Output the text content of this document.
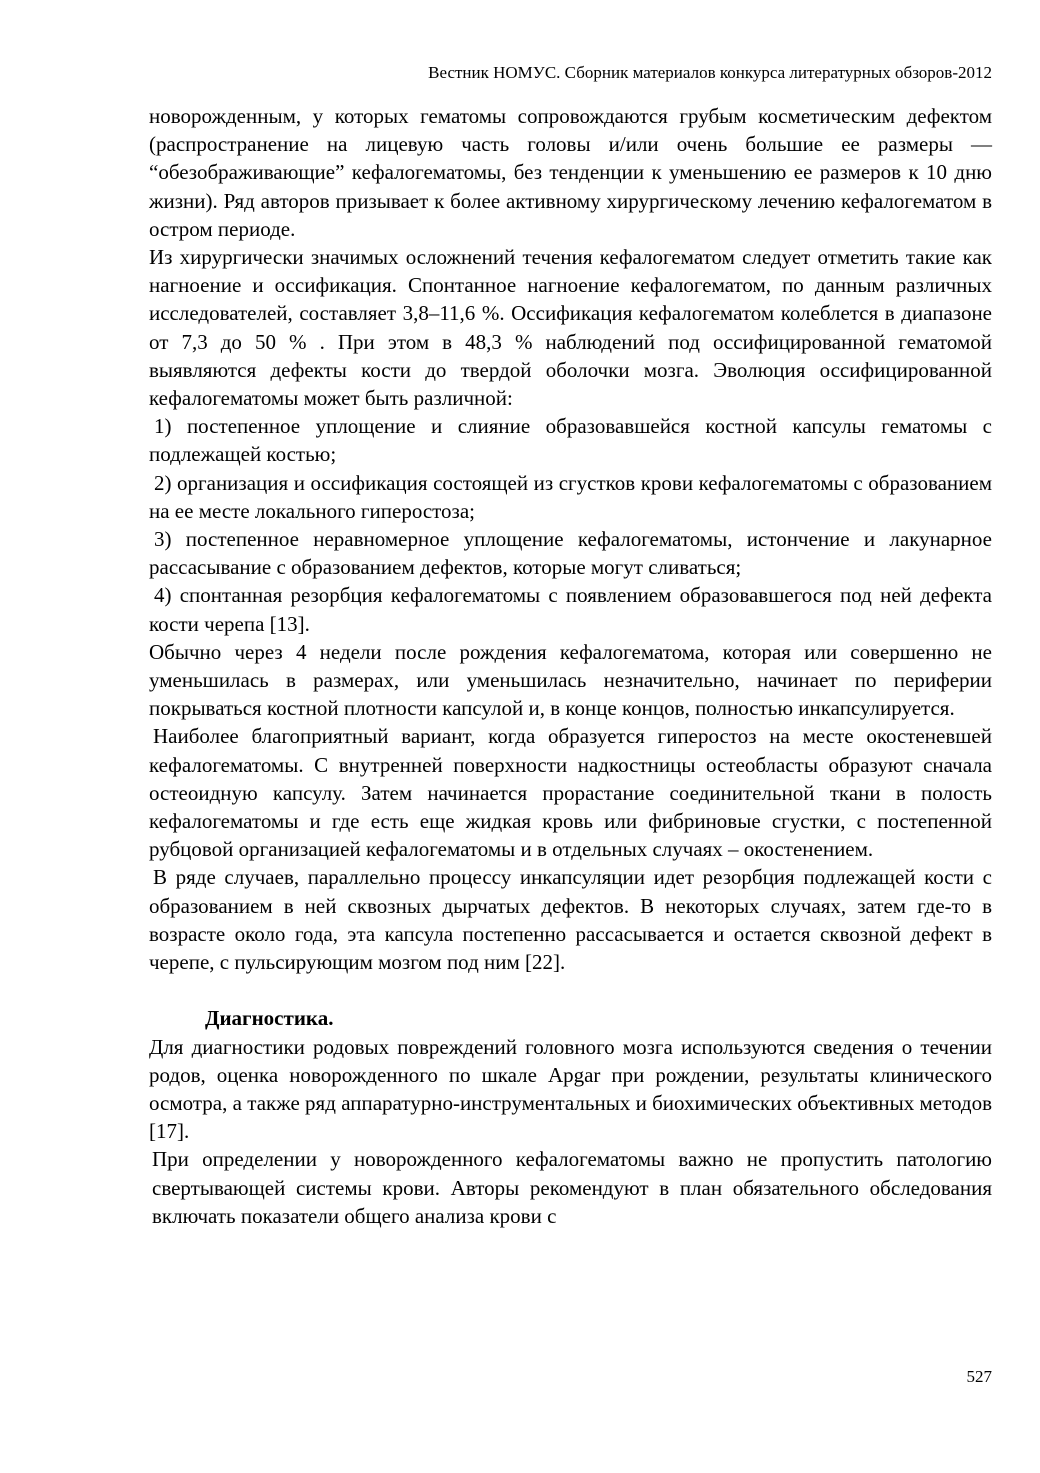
Вестник НОМУС. Сборник материалов конкурса литературных обзоров-2012

новорожденным, у которых гематомы сопровождаются грубым косметическим дефектом (распространение на лицевую часть головы и/или очень большие ее размеры — “обезображивающие” кефалогематомы, без тенденции к уменьшению ее размеров к 10 дню жизни). Ряд авторов призывает к более активному хирургическому лечению кефалогематом в остром периоде.

Из хирургически значимых осложнений течения кефалогематом следует отметить такие как нагноение и оссификация. Спонтанное нагноение кефалогематом, по данным различных исследователей, составляет 3,8–11,6 %. Оссификация кефалогематом колеблется в диапазоне от 7,3 до 50 % . При этом в 48,3 % наблюдений под оссифицированной гематомой выявляются дефекты кости до твердой оболочки мозга. Эволюция оссифицированной кефалогематомы может быть различной:

1) постепенное уплощение и слияние образовавшейся костной капсулы гематомы с подлежащей костью;

2) организация и оссификация состоящей из сгустков крови кефалогематомы с образованием на ее месте локального гиперостоза;

3) постепенное неравномерное уплощение кефалогематомы, истончение и лакунарное рассасывание с образованием дефектов, которые могут сливаться;

4) спонтанная резорбция кефалогематомы с появлением образовавшегося под ней дефекта кости черепа [13].

Обычно через 4 недели после рождения кефалогематома, которая или совершенно не уменьшилась в размерах, или уменьшилась незначительно, начинает по периферии покрываться костной плотности капсулой и, в конце концов, полностью инкапсулируется.

Наиболее благоприятный вариант, когда образуется гиперостоз на месте окостеневшей кефалогематомы. С внутренней поверхности надкостницы остеобласты образуют сначала остеоидную капсулу. Затем начинается прорастание соединительной ткани в полость кефалогематомы и где есть еще жидкая кровь или фибриновые сгустки, с постепенной рубцовой организацией кефалогематомы и в отдельных случаях – окостенением.

В ряде случаев, параллельно процессу инкапсуляции идет резорбция подлежащей кости с образованием в ней сквозных дырчатых дефектов. В некоторых случаях, затем где-то в возрасте около года, эта капсула постепенно рассасывается и остается сквозной дефект в черепе, с пульсирующим мозгом под ним [22].

Диагностика.

Для диагностики родовых повреждений головного мозга используются сведения о течении родов, оценка новорожденного по шкале Apgar при рождении, результаты клинического осмотра, а также ряд аппаратурно-инструментальных и биохимических объективных методов [17].

При определении у новорожденного кефалогематомы важно не пропустить патологию свертывающей системы крови. Авторы рекомендуют в план обязательного обследования включать показатели общего анализа крови с

527
